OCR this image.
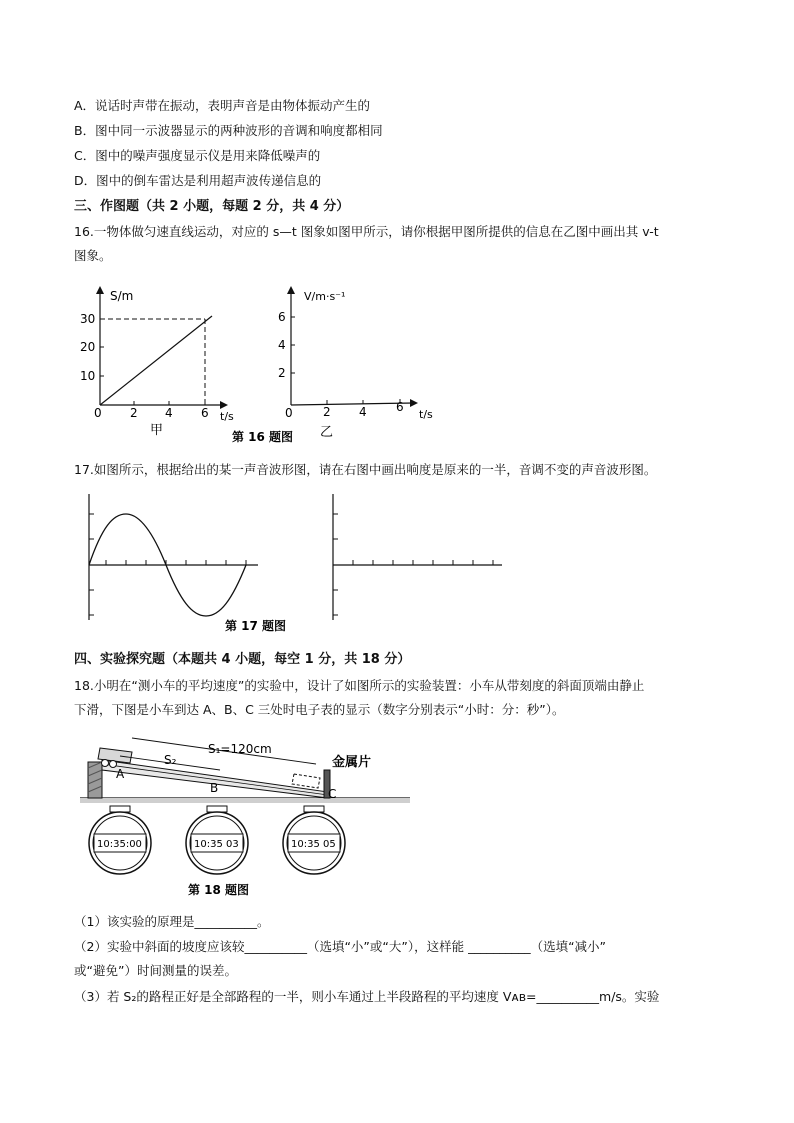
A．说话时声带在振动，表明声音是由物体振动产生的
B．图中同一示波器显示的两种波形的音调和响度都相同
C．图中的噪声强度显示仪是用来降低噪声的
D．图中的倒车雷达是利用超声波传递信息的
三、作图题（共 2 小题，每题 2 分，共 4 分）
16.一物体做匀速直线运动，对应的 s—t 图象如图甲所示，请你根据甲图所提供的信息在乙图中画出其 v-t
图象。
S/m
t/s
30
20
10
0 2 4 6
甲
V/m·s⁻¹
t/s
6
4
2
0	2 4 6
乙
第 16 题图
17.如图所示，根据给出的某一声音波形图，请在右图中画出响度是原来的一半，音调不变的声音波形图。
第 17 题图
四、实验探究题（本题共 4 小题，每空 1 分，共 18 分）
18.小明在“测小车的平均速度”的实验中，设计了如图所示的实验装置：小车从带刻度的斜面顶端由静止
下滑，下图是小车到达 A、B、C 三处时电子表的显示（数字分别表示“小时：分：秒”）。
金属片
S₁=120cm
S₂
A
B	C
10:35:00	10:35 03	10:35 05
第 18 题图
（1）该实验的原理是__________。
（2）实验中斜面的坡度应该较__________（选填“小”或“大”），这样能 __________（选填“减小”
或“避免”）时间测量的误差。
（3）若 S₂的路程正好是全部路程的一半，则小车通过上半段路程的平均速度 Vᴀʙ=__________m/s。实验
